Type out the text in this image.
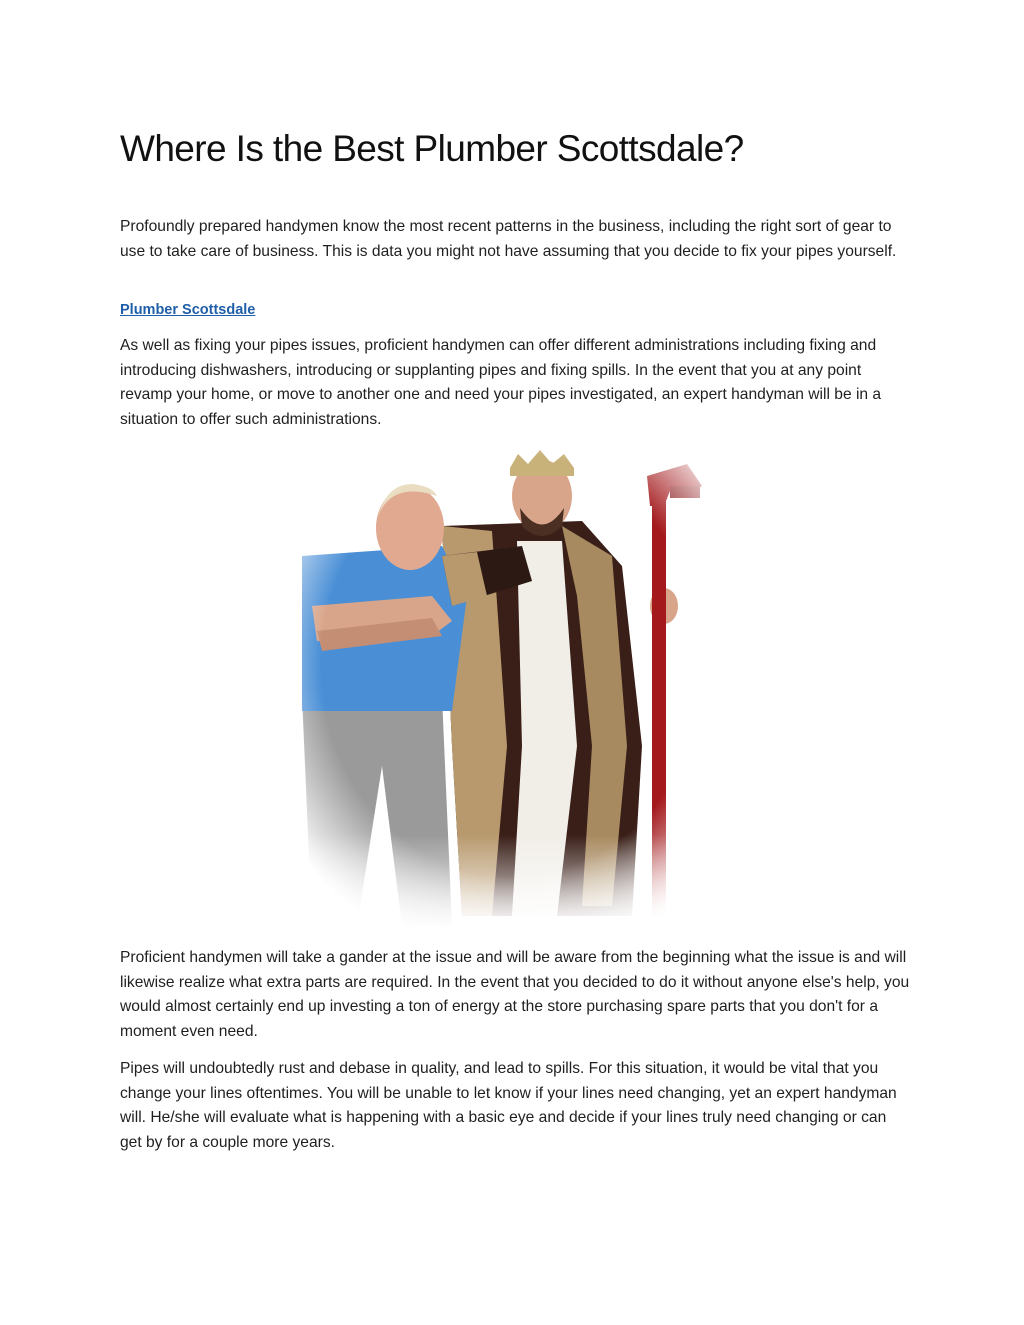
Where Is the Best Plumber Scottsdale?

Profoundly prepared handymen know the most recent patterns in the business, including the right sort of gear to use to take care of business. This is data you might not have assuming that you decide to fix your pipes yourself.

Plumber Scottsdale

As well as fixing your pipes issues, proficient handymen can offer different administrations including fixing and introducing dishwashers, introducing or supplanting pipes and fixing spills. In the event that you at any point revamp your home, or move to another one and need your pipes investigated, an expert handyman will be in a situation to offer such administrations.

Proficient handymen will take a gander at the issue and will be aware from the beginning what the issue is and will likewise realize what extra parts are required. In the event that you decided to do it without anyone else's help, you would almost certainly end up investing a ton of energy at the store purchasing spare parts that you don't for a moment even need.

Pipes will undoubtedly rust and debase in quality, and lead to spills. For this situation, it would be vital that you change your lines oftentimes. You will be unable to let know if your lines need changing, yet an expert handyman will. He/she will evaluate what is happening with a basic eye and decide if your lines truly need changing or can get by for a couple more years.
